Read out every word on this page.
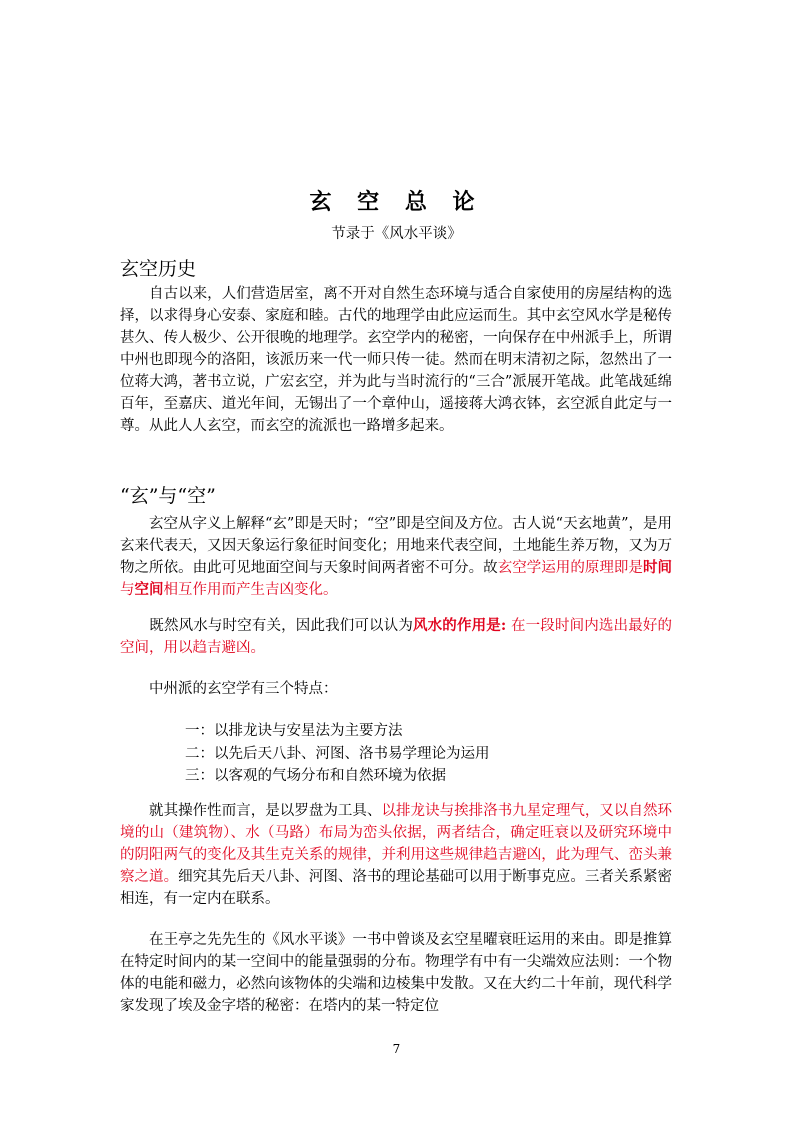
玄 空 总 论
节录于《风水平谈》
玄空历史

　　自古以来，人们营造居室，离不开对自然生态环境与适合自家使用的房屋结构的选择，以求得身心安泰、家庭和睦。古代的地理学由此应运而生。其中玄空风水学是秘传甚久、传人极少、公开很晚的地理学。玄空学内的秘密，一向保存在中州派手上，所谓中州也即现今的洛阳，该派历来一代一师只传一徒。然而在明末清初之际，忽然出了一位蒋大鸿，著书立说，广宏玄空，并为此与当时流行的“三合”派展开笔战。此笔战延绵百年，至嘉庆、道光年间，无锡出了一个章仲山，遥接蒋大鸿衣钵，玄空派自此定与一尊。从此人人玄空，而玄空的流派也一路增多起来。

“玄”与“空”

　　玄空从字义上解释“玄”即是天时；“空”即是空间及方位。古人说“天玄地黄”，是用玄来代表天，又因天象运行象征时间变化；用地来代表空间，土地能生养万物，又为万物之所依。由此可见地面空间与天象时间两者密不可分。故玄空学运用的原理即是时间与空间相互作用而产生吉凶变化。

　　既然风水与时空有关，因此我们可以认为风水的作用是: 在一段时间内选出最好的空间，用以趋吉避凶。

　　中州派的玄空学有三个特点：

一：以排龙诀与安星法为主要方法
二：以先后天八卦、河图、洛书易学理论为运用
三：以客观的气场分布和自然环境为依据

　　就其操作性而言，是以罗盘为工具、以排龙诀与挨排洛书九星定理气，又以自然环境的山（建筑物）、水（马路）布局为峦头依据，两者结合，确定旺衰以及研究环境中的阴阳两气的变化及其生克关系的规律，并利用这些规律趋吉避凶，此为理气、峦头兼察之道。细究其先后天八卦、河图、洛书的理论基础可以用于断事克应。三者关系紧密相连，有一定内在联系。

　　在王亭之先先生的《风水平谈》一书中曾谈及玄空星曜衰旺运用的来由。即是推算在特定时间内的某一空间中的能量强弱的分布。物理学有中有一尖端效应法则：一个物体的电能和磁力，必然向该物体的尖端和边棱集中发散。又在大约二十年前，现代科学家发现了埃及金字塔的秘密：在塔内的某一特定位

7
